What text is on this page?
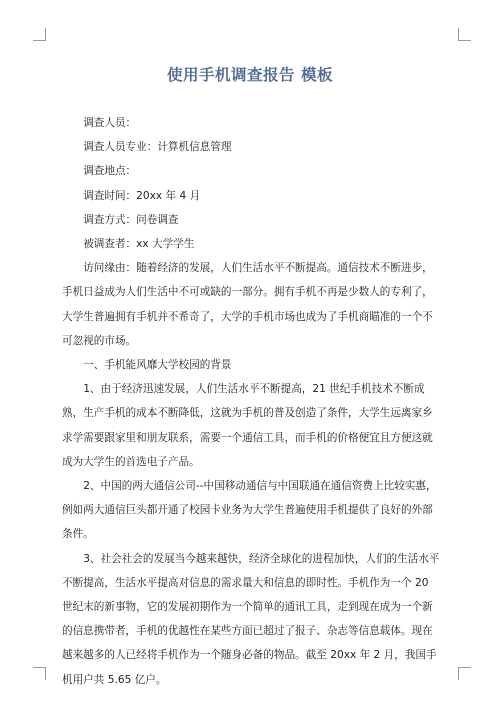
使用手机调查报告 模板

调查人员：

调查人员专业：计算机信息管理

调查地点：

调查时间：20xx 年 4 月

调查方式：问卷调查

被调查者：xx 大学学生

访问缘由：随着经济的发展，人们生活水平不断提高。通信技术不断进步，手机日益成为人们生活中不可或缺的一部分。拥有手机不再是少数人的专利了，大学生普遍拥有手机并不希奇了，大学的手机市场也成为了手机商瞄准的一个不可忽视的市场。

一、手机能风靡大学校园的背景

1、由于经济迅速发展，人们生活水平不断提高，21 世纪手机技术不断成熟，生产手机的成本不断降低，这就为手机的普及创造了条件，大学生远离家乡求学需要跟家里和朋友联系，需要一个通信工具，而手机的价格便宜且方便这就成为大学生的首选电子产品。

2、中国的两大通信公司--中国移动通信与中国联通在通信资费上比较实惠，例如两大通信巨头都开通了校园卡业务为大学生普遍使用手机提供了良好的外部条件。

3、社会社会的发展当今越来越快，经济全球化的进程加快，人们的生活水平不断提高，生活水平提高对信息的需求量大和信息的即时性。手机作为一个 20 世纪末的新事物，它的发展初期作为一个简单的通讯工具，走到现在成为一个新的信息携带者，手机的优越性在某些方面已超过了报子、杂志等信息载体。现在越来越多的人已经将手机作为一个随身必备的物品。截至 20xx 年 2 月，我国手机用户共 5.65 亿户。
